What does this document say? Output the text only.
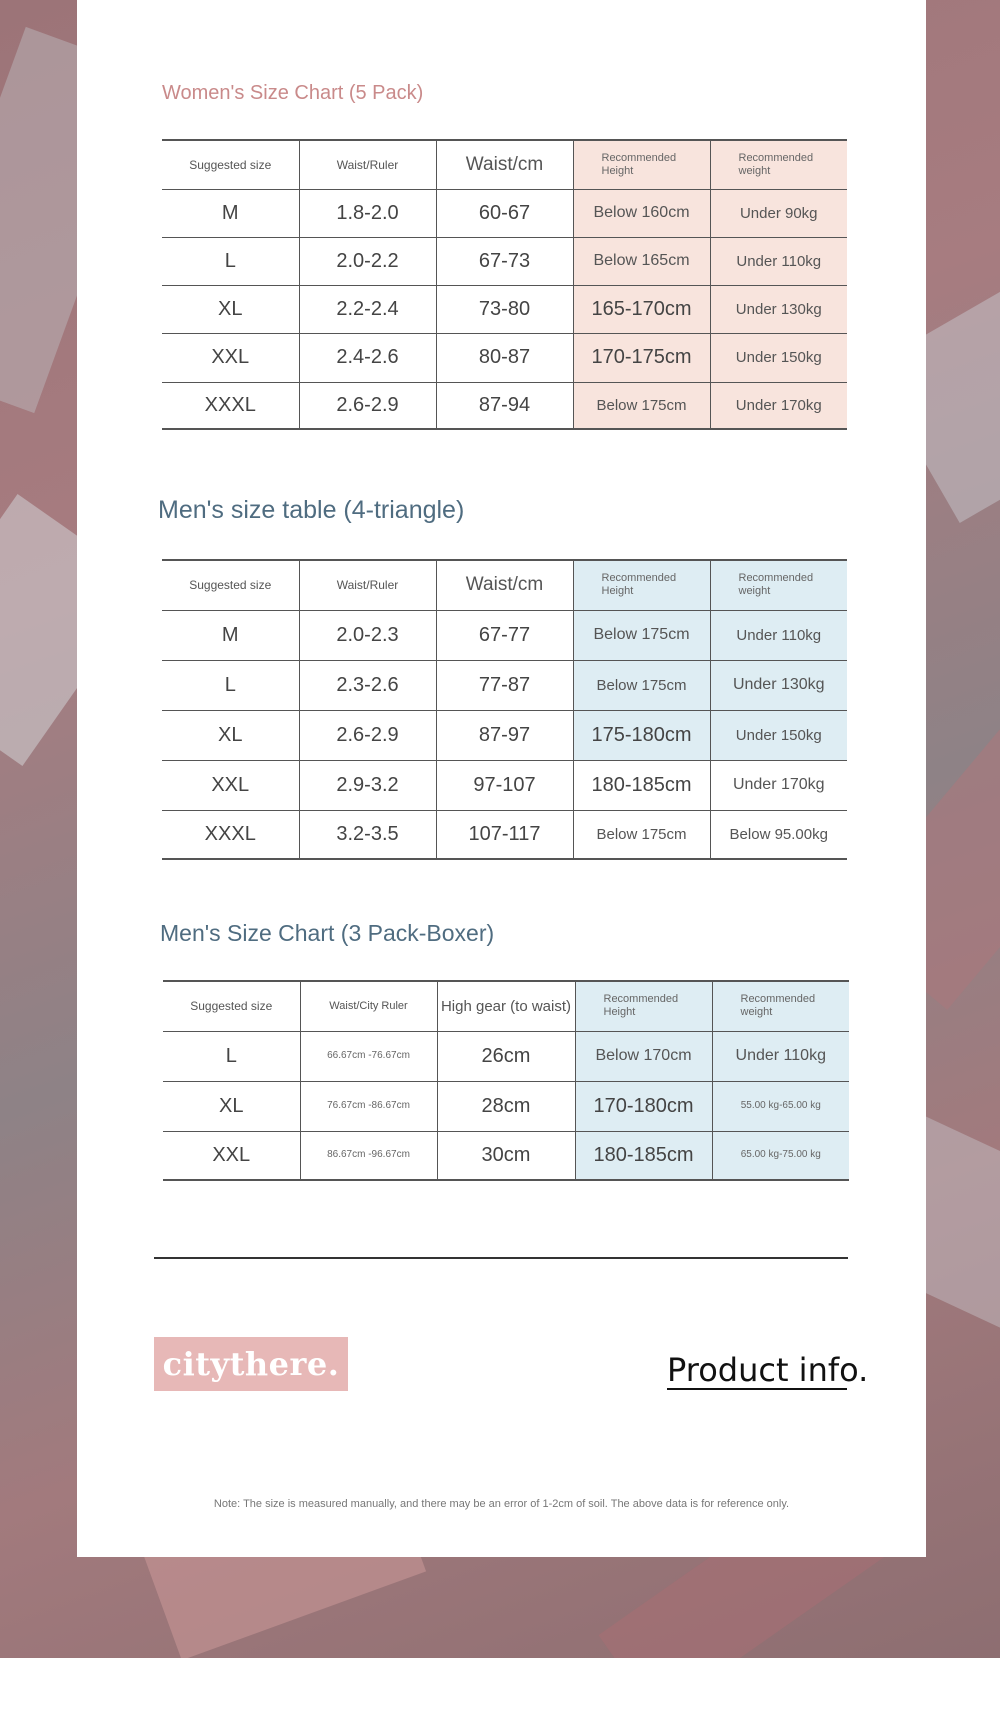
Women's Size Chart (5 Pack)
Suggested size	Waist/Ruler	Waist/cm	Recommended Height	Recommended weight
M	1.8-2.0	60-67	Below 160cm	Under 90kg
L	2.0-2.2	67-73	Below 165cm	Under 110kg
XL	2.2-2.4	73-80	165-170cm	Under 130kg
XXL	2.4-2.6	80-87	170-175cm	Under 150kg
XXXL	2.6-2.9	87-94	Below 175cm	Under 170kg
Men's size table (4-triangle)
Suggested size	Waist/Ruler	Waist/cm	Recommended Height	Recommended weight
M	2.0-2.3	67-77	Below 175cm	Under 110kg
L	2.3-2.6	77-87	Below 175cm	Under 130kg
XL	2.6-2.9	87-97	175-180cm	Under 150kg
XXL	2.9-3.2	97-107	180-185cm	Under 170kg
XXXL	3.2-3.5	107-117	Below 175cm	Below 95.00kg
Men's Size Chart (3 Pack-Boxer)
Suggested size	Waist/City Ruler	High gear (to waist)	Recommended Height	Recommended weight
L	66.67cm -76.67cm	26cm	Below 170cm	Under 110kg
XL	76.67cm -86.67cm	28cm	170-180cm	55.00 kg-65.00 kg
XXL	86.67cm -96.67cm	30cm	180-185cm	65.00 kg-75.00 kg
citythere.	Product info.
Note: The size is measured manually, and there may be an error of 1-2cm of soil. The above data is for reference only.
